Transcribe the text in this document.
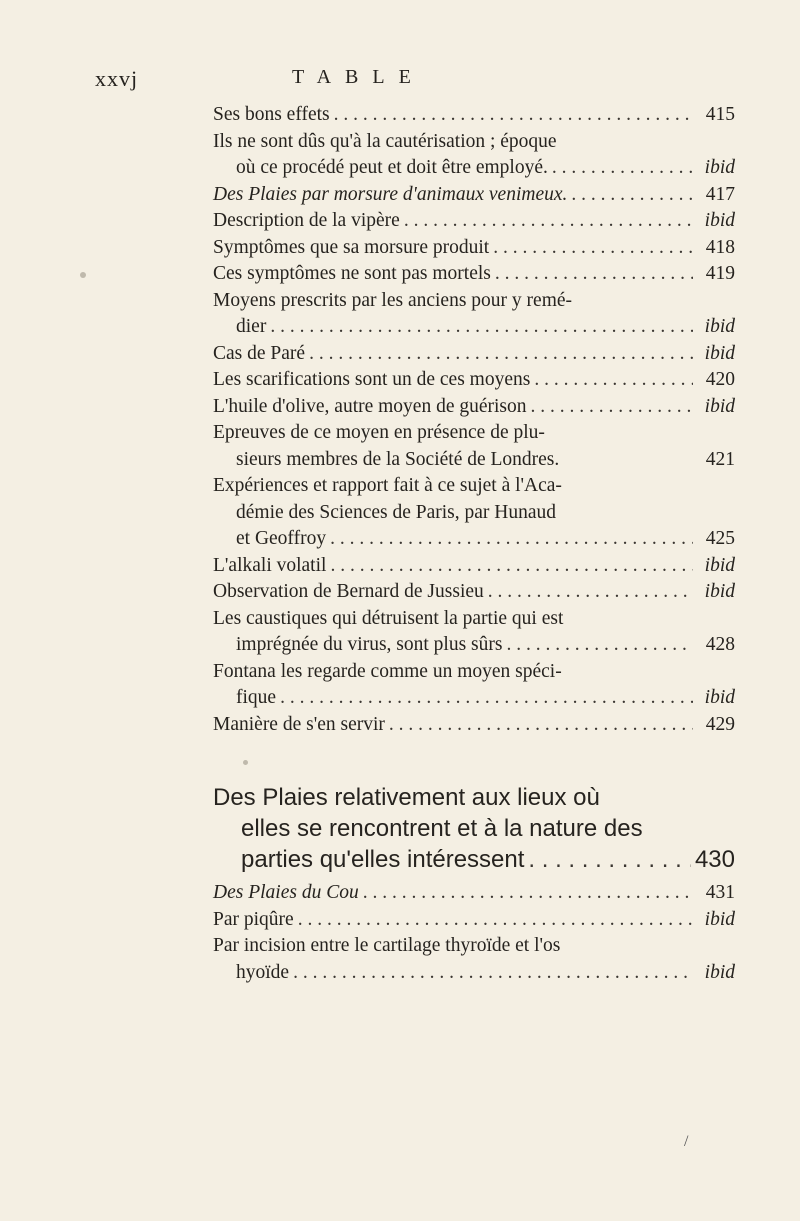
xxvj	TABLE
Ses bons effets . . .	415
Ils ne sont dûs qu'à la cautérisation ; époque
où ce procédé peut et doit être employé. . . .	ibid
Des Plaies par morsure d'animaux venimeux. . . .	417
Description de la vipère . . .	ibid
Symptômes que sa morsure produit . . .	418
Ces symptômes ne sont pas mortels . . .	419
Moyens prescrits par les anciens pour y remé-
dier . . .	ibid
Cas de Paré . . .	ibid
Les scarifications sont un de ces moyens . . .	420
L'huile d'olive, autre moyen de guérison . . .	ibid
Epreuves de ce moyen en présence de plu-
sieurs membres de la Société de Londres.	421
Expériences et rapport fait à ce sujet à l'Aca-
démie des Sciences de Paris, par Hunaud
et Geoffroy . . .	425
L'alkali volatil . . .	ibid
Observation de Bernard de Jussieu . . .	ibid
Les caustiques qui détruisent la partie qui est
imprégnée du virus, sont plus sûrs . . .	428
Fontana les regarde comme un moyen spéci-
fique . . .	ibid
Manière de s'en servir . . .	429
Des Plaies relativement aux lieux où
elles se rencontrent et à la nature des
parties qu'elles intéressent . . .	430
Des Plaies du Cou . . .	431
Par piqûre . . .	ibid
Par incision entre le cartilage thyroïde et l'os
hyoïde . . .	ibid
/
